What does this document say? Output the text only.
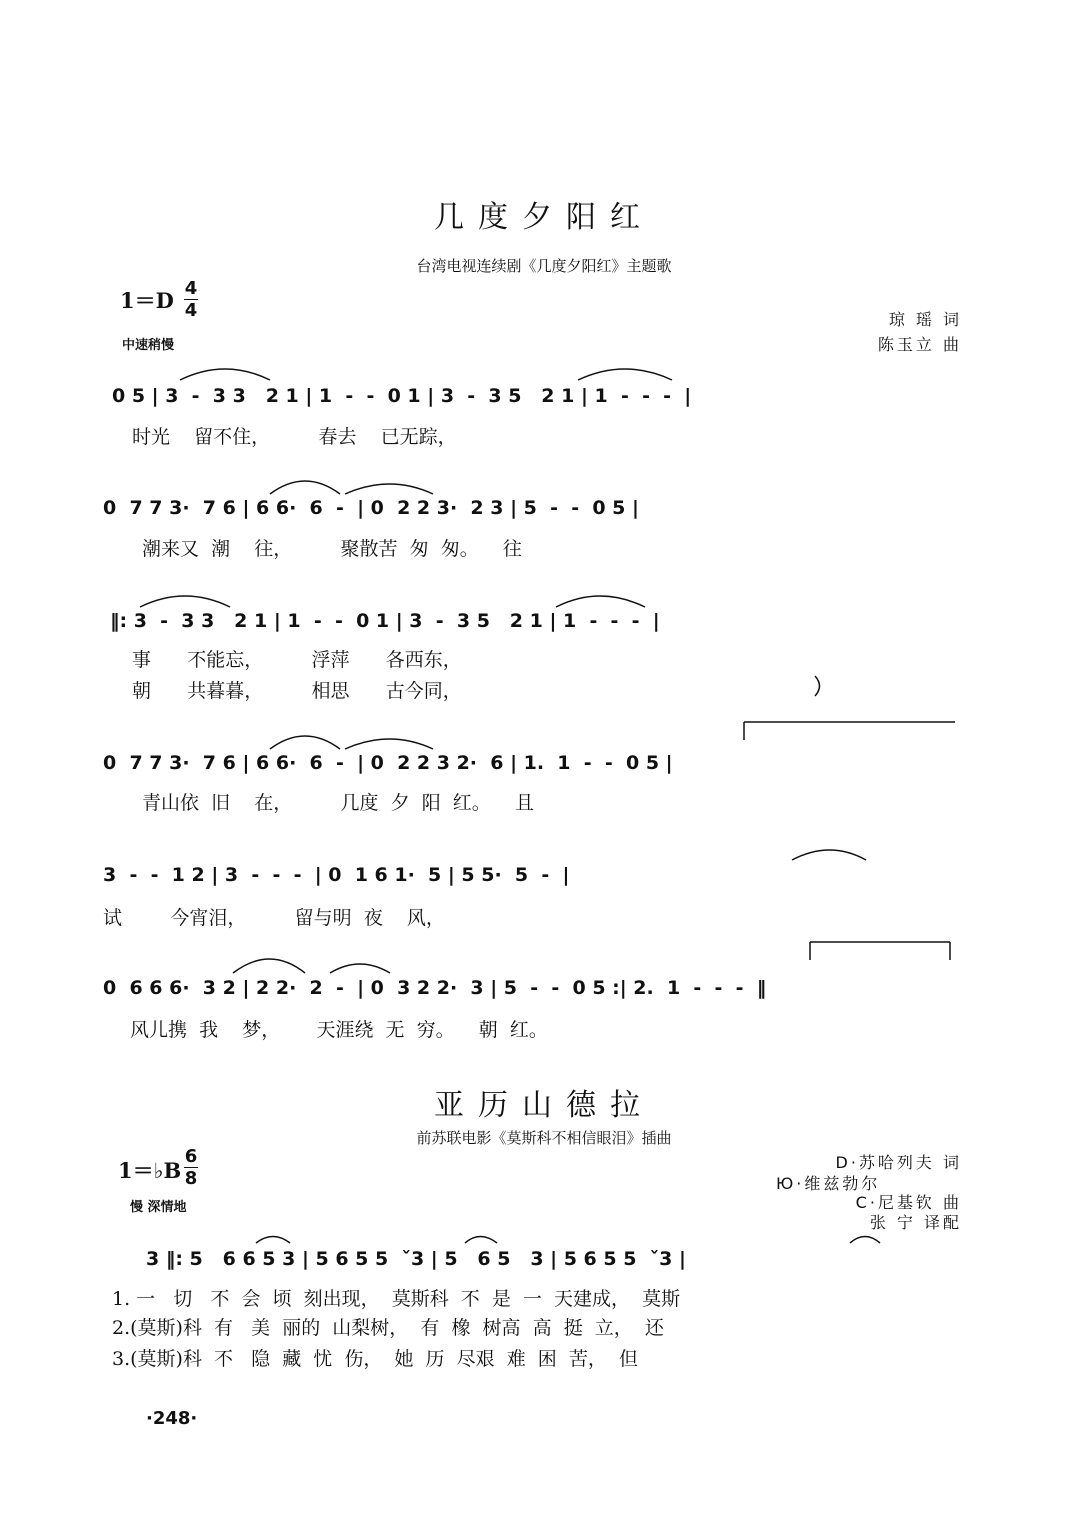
几度夕阳红
台湾电视连续剧《几度夕阳红》主题歌
1＝D 4
4
中速稍慢
琼 瑶 词
陈玉立 曲
0 5 | 3  -  3 3   2 1 | 1  -  -  0 1 | 3  -  3 5   2 1 | 1  -  -  -  |
时光    留不住，        春去    已无踪，
0  7 7 3·  7 6 | 6 6·  6  -  | 0  2 2 3·  2 3 | 5  -  -  0 5 |
潮来又  潮    往，        聚散苦  匆  匆。    往
‖: 3  -  3 3   2 1 | 1  -  -  0 1 | 3  -  3 5   2 1 | 1  -  -  -  |
事      不能忘，        浮萍      各西东，
朝      共暮暮，        相思      古今同，
0  7 7 3·  7 6 | 6 6·  6  -  | 0  2 2 3 2·  6 | 1.  1  -  -  0 5 |
青山依  旧    在，        几度  夕  阳  红。    且
3  -  -  1 2 | 3  -  -  -  | 0  1 6 1·  5 | 5 5·  5  -  |
试        今宵泪，        留与明  夜    风，
0  6 6 6·  3 2 | 2 2·  2  -  | 0  3 2 2·  3 | 5  -  -  0 5 :| 2.  1  -  -  -  ‖
风儿携  我    梦，      天涯绕  无  穷。    朝  红。
亚历山德拉
前苏联电影《莫斯科不相信眼泪》插曲
1＝♭B
6
8
慢 深情地
D·苏哈列夫 词
Ю·维兹勃尔
C·尼基钦 曲
张 宁 译配
3 ‖: 5   6 6 5 3 | 5 6 5 5  ˇ3 | 5   6 5   3 | 5 6 5 5  ˇ3 |
1. 一   切   不  会  顷  刻出现，  莫斯科  不  是  一  天建成，  莫斯
2.(莫斯)科  有   美  丽的  山梨树，  有  橡  树高  高  挺  立，  还
3.(莫斯)科  不   隐  藏  忧  伤，  她  历  尽艰  难  困  苦，  但
·248·
